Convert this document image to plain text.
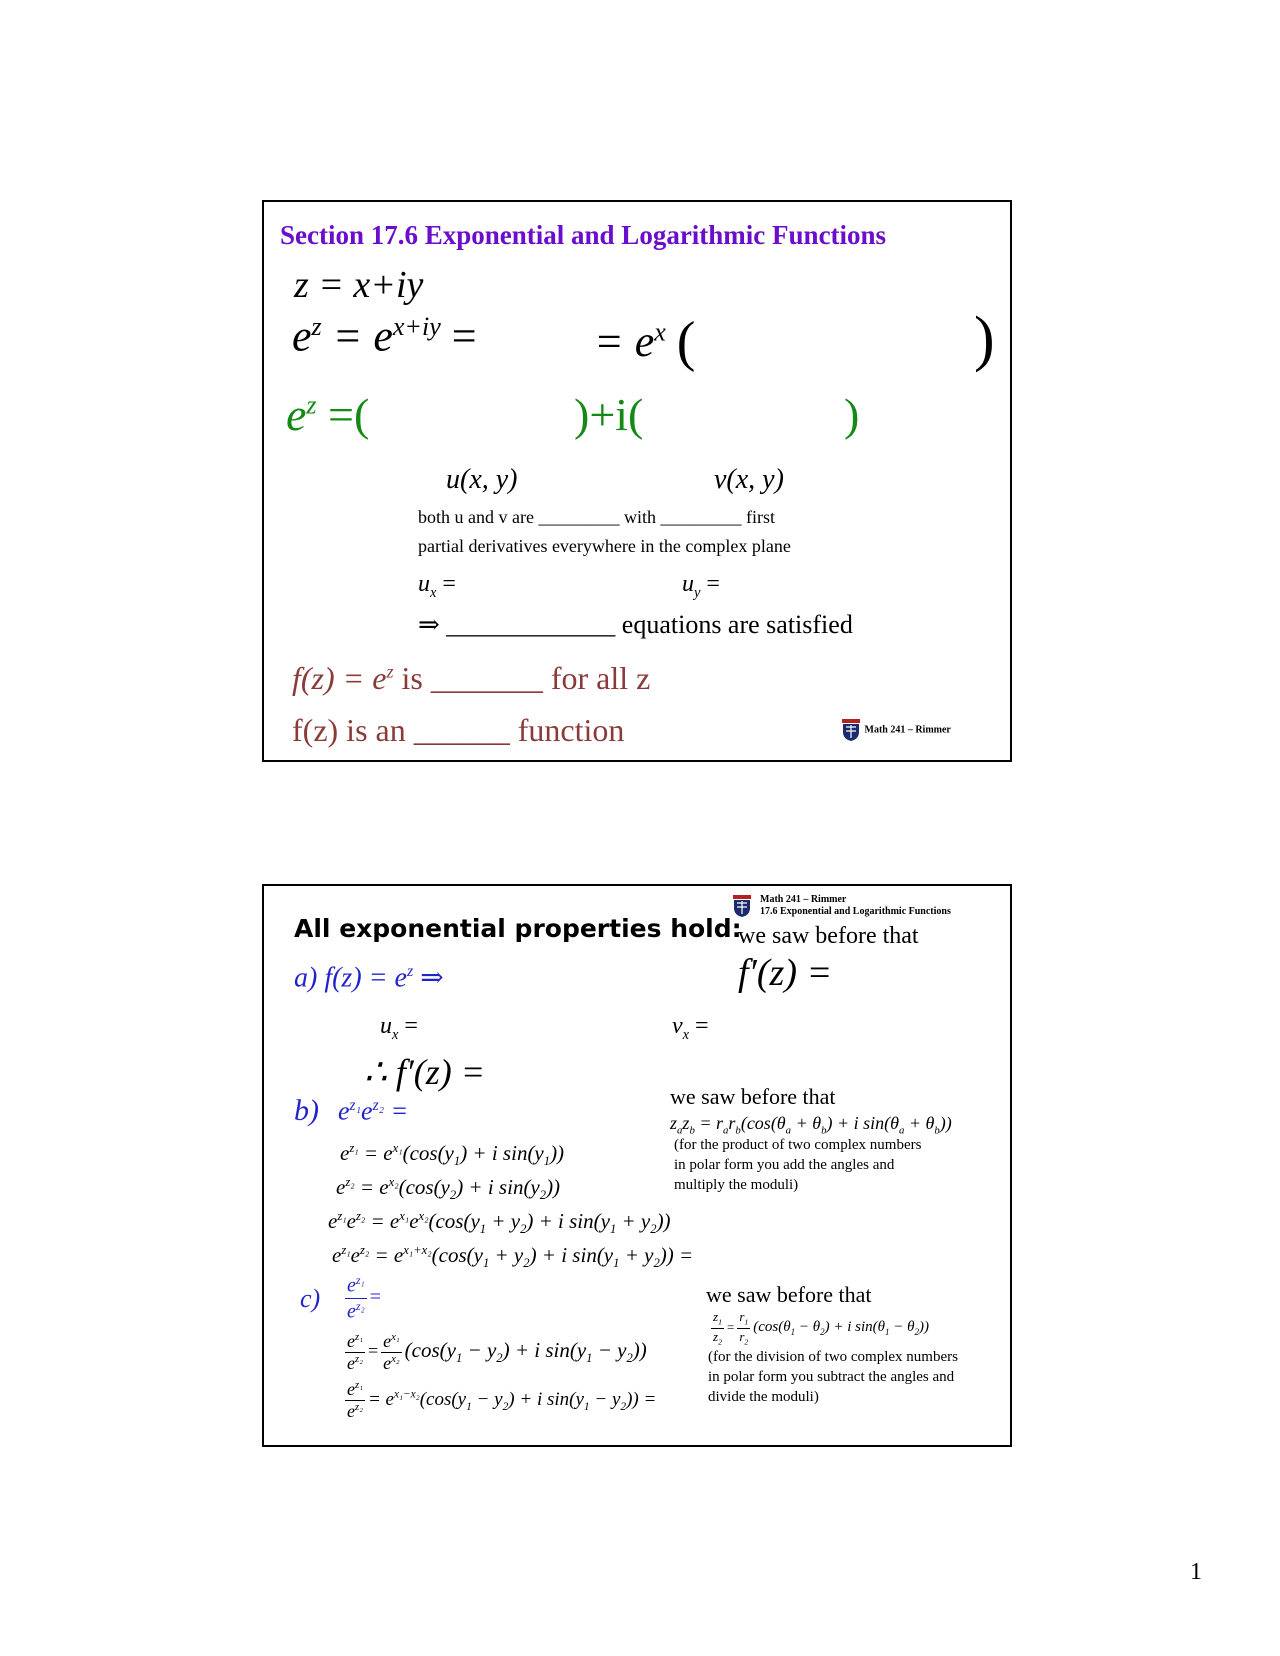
Section 17.6 Exponential and Logarithmic Functions
z = x+iy
$e^z = e^{x+iy}$ =	= $e^x$ (	)
$e^z$ =(	)+i(	)
u(x, y)	v(x, y)
both u and v are _________ with _________ first
partial derivatives everywhere in the complex plane
$u_x$ =	$u_y$ =
⇒ _____________ equations are satisfied
$f(z) = e^z$ is _______ for all z
f(z) is an ______ function	Math 241 – Rimmer
Math 241 – Rimmer
17.6 Exponential and Logarithmic Functions
All exponential properties hold:
we saw before that
f′(z) =
a) $f(z) = e^z$ ⇒
$u_x$ =	$v_x$ =
∴ f′(z) =
b) $e^{z_1}e^{z_2}$ =
$e^{z_1} = e^{x_1}(\cos(y_1) + i$ $\sin(y_1)$)
$e^{z_2} = e^{x_2}(\cos(y_2) + i$ $\sin(y_2)$)
$e^{z_1}e^{z_2} = e^{x_1}e^{x_2}(\cos(y_1 + y_2) + i$ $\sin(y_1 + y_2)$)
$e^{z_1}e^{z_2} = e^{x_1+x_2}(\cos(y_1 + y_2) + i$ $\sin(y_1 + y_2)$) =
we saw before that
$z_az_b = r_ar_b(\cos(\theta_a + \theta_b) + i$ $\sin(\theta_a + \theta_b)$)
(for the product of two complex numbers
in polar form you add the angles and
multiply the moduli)
$c) \frac{e^{z_1}}{e^{z_2}}$ =
$\frac{e^{z_1}}{e^{z_2}} = \frac{e^{x_1}}{e^{x_2}} (\cos(y_1 - y_2) + i$ $\sin(y_1 - y_2)$)
$\frac{e^{z_1}}{e^{z_2}} = e^{x_1-x_2}(\cos(y_1 - y_2) + i$ $\sin(y_1 - y_2)$) =
we saw before that
$\frac{z_1}{z_2} = \frac{r_1}{r_2} (\cos(\theta_1 - \theta_2) + i$ $\sin(\theta_1 - \theta_2)$)
(for the division of two complex numbers
in polar form you subtract the angles and
divide the moduli)
1
